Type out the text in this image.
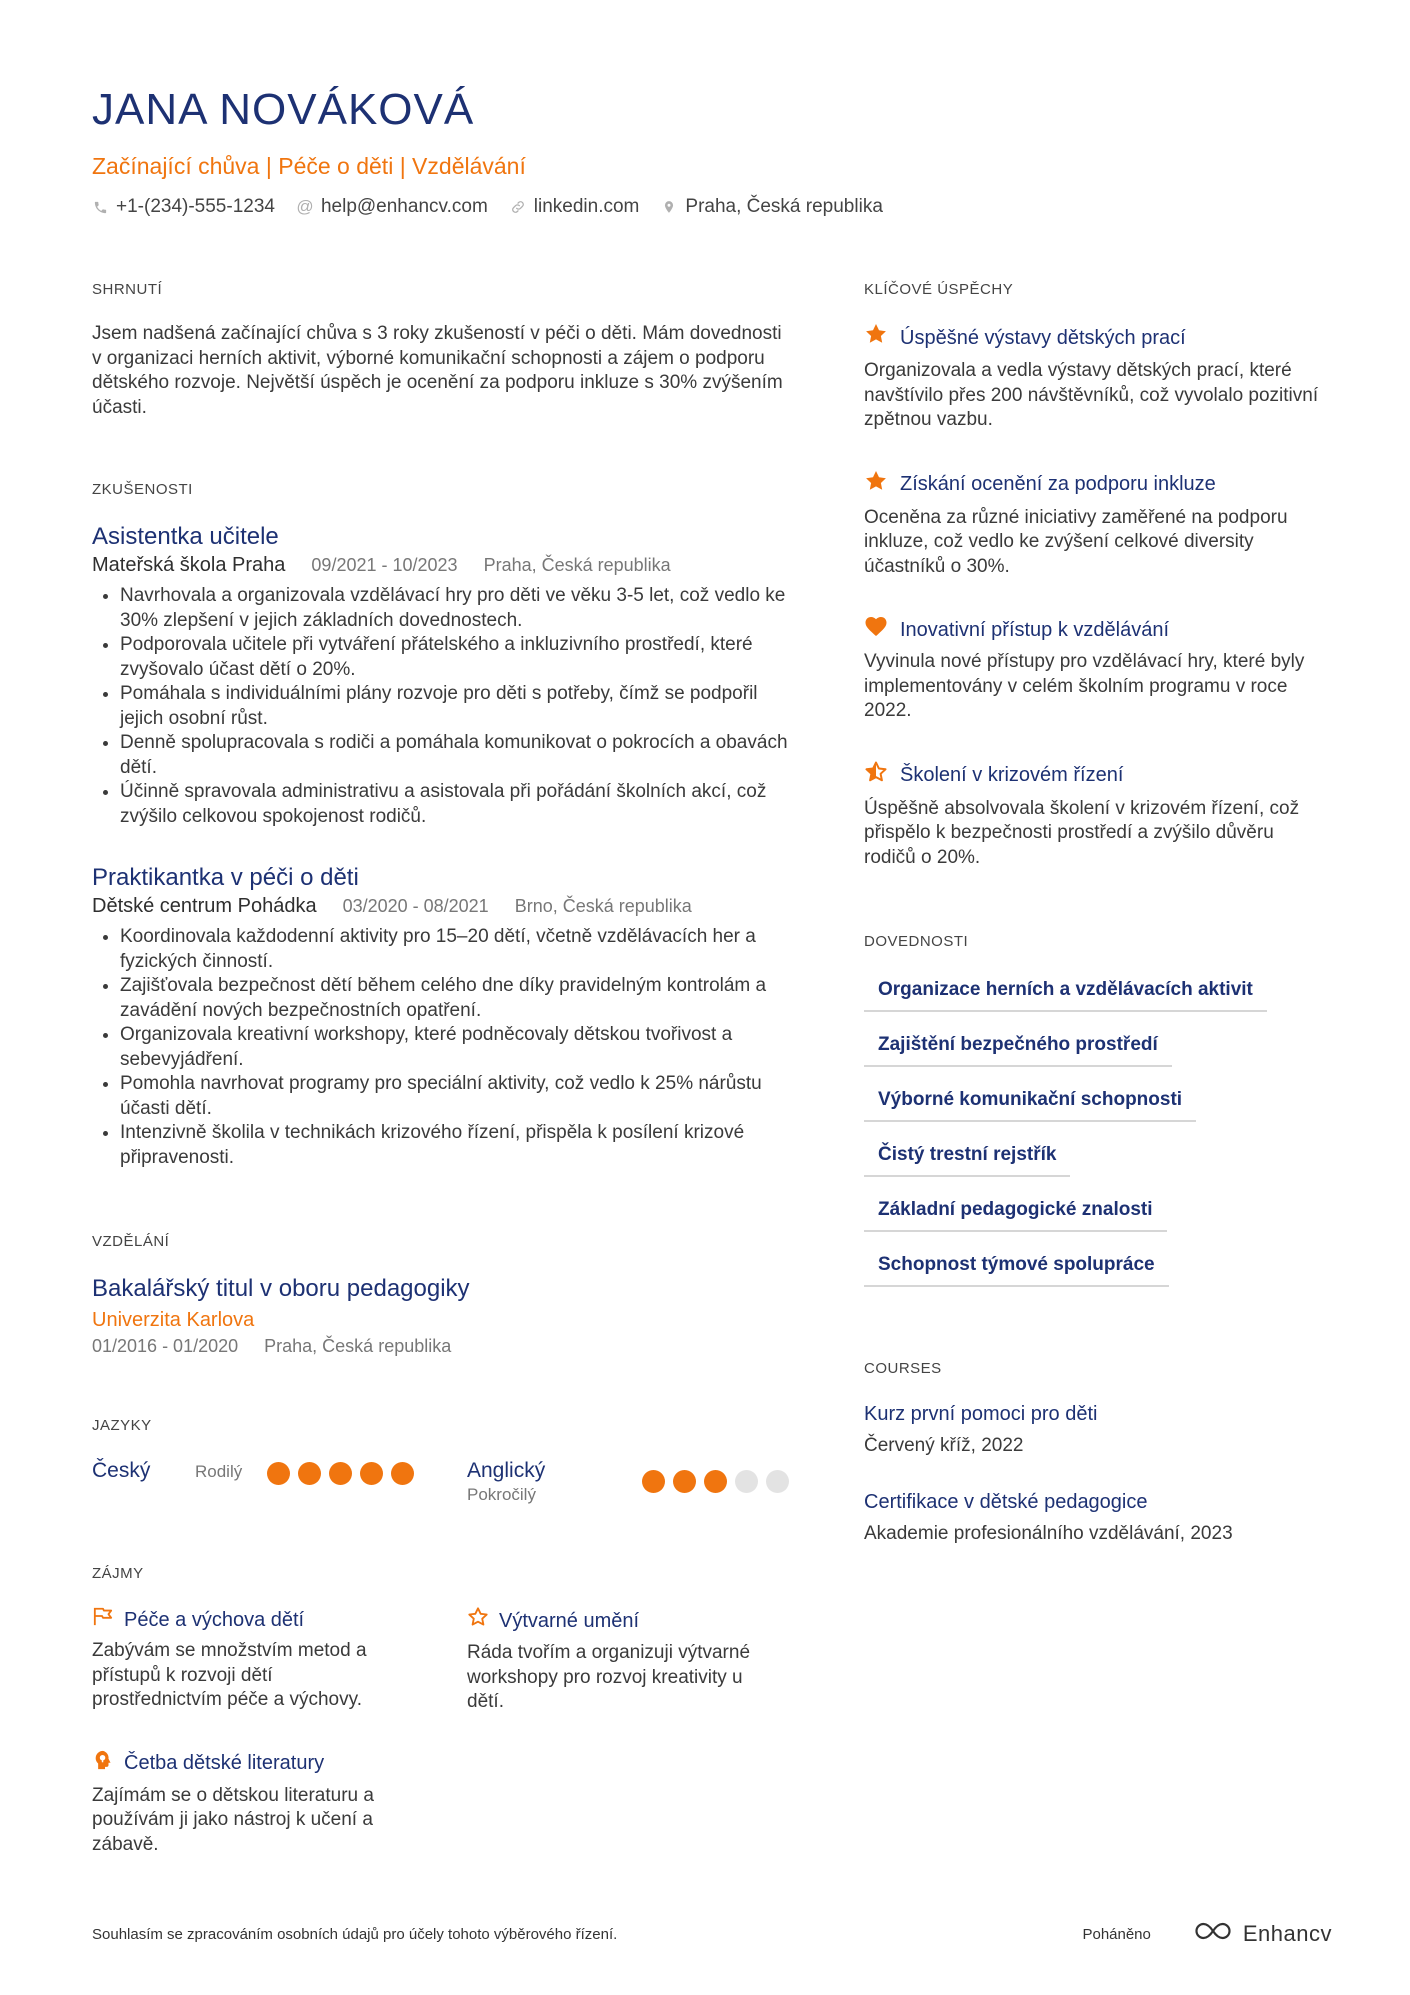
JANA NOVÁKOVÁ
Začínající chůva | Péče o děti | Vzdělávání
+1-(234)-555-1234 @ help@enhancv.com linkedin.com Praha, Česká republika
SHRNUTÍ
Jsem nadšená začínající chůva s 3 roky zkušeností v péči o děti. Mám dovednosti v organizaci herních aktivit, výborné komunikační schopnosti a zájem o podporu dětského rozvoje. Největší úspěch je ocenění za podporu inkluze s 30% zvýšením účasti.
ZKUŠENOSTI
Asistentka učitele
Mateřská škola Praha 09/2021 - 10/2023 Praha, Česká republika
• Navrhovala a organizovala vzdělávací hry pro děti ve věku 3-5 let, což vedlo ke 30% zlepšení v jejich základních dovednostech.
• Podporovala učitele při vytváření přátelského a inkluzivního prostředí, které zvyšovalo účast dětí o 20%.
• Pomáhala s individuálními plány rozvoje pro děti s potřeby, čímž se podpořil jejich osobní růst.
• Denně spolupracovala s rodiči a pomáhala komunikovat o pokrocích a obavách dětí.
• Účinně spravovala administrativu a asistovala při pořádání školních akcí, což zvýšilo celkovou spokojenost rodičů.
Praktikantka v péči o děti
Dětské centrum Pohádka 03/2020 - 08/2021 Brno, Česká republika
• Koordinovala každodenní aktivity pro 15–20 dětí, včetně vzdělávacích her a fyzických činností.
• Zajišťovala bezpečnost dětí během celého dne díky pravidelným kontrolám a zavádění nových bezpečnostních opatření.
• Organizovala kreativní workshopy, které podněcovaly dětskou tvořivost a sebevyjádření.
• Pomohla navrhovat programy pro speciální aktivity, což vedlo k 25% nárůstu účasti dětí.
• Intenzivně školila v technikách krizového řízení, přispěla k posílení krizové připravenosti.
VZDĚLÁNÍ
Bakalářský titul v oboru pedagogiky
Univerzita Karlova
01/2016 - 01/2020 Praha, Česká republika
JAZYKY
Český	Rodilý	Anglický
Pokročilý
ZÁJMY
Péče a výchova dětí
Zabývám se množstvím metod a přístupů k rozvoji dětí prostřednictvím péče a výchovy.
Výtvarné umění
Ráda tvořím a organizuji výtvarné workshopy pro rozvoj kreativity u dětí.
Četba dětské literatury
Zajímám se o dětskou literaturu a používám ji jako nástroj k učení a zábavě.
KLÍČOVÉ ÚSPĚCHY
Úspěšné výstavy dětských prací
Organizovala a vedla výstavy dětských prací, které navštívilo přes 200 návštěvníků, což vyvolalo pozitivní zpětnou vazbu.
Získání ocenění za podporu inkluze
Oceněna za různé iniciativy zaměřené na podporu inkluze, což vedlo ke zvýšení celkové diversity účastníků o 30%.
Inovativní přístup k vzdělávání
Vyvinula nové přístupy pro vzdělávací hry, které byly implementovány v celém školním programu v roce 2022.
Školení v krizovém řízení
Úspěšně absolvovala školení v krizovém řízení, což přispělo k bezpečnosti prostředí a zvýšilo důvěru rodičů o 20%.
DOVEDNOSTI
Organizace herních a vzdělávacích aktivit
Zajištění bezpečného prostředí
Výborné komunikační schopnosti
Čistý trestní rejstřík
Základní pedagogické znalosti
Schopnost týmové spolupráce
COURSES
Kurz první pomoci pro děti
Červený kříž, 2022
Certifikace v dětské pedagogice
Akademie profesionálního vzdělávání, 2023
Souhlasím se zpracováním osobních údajů pro účely tohoto výběrového řízení.	Poháněno	Enhancv
